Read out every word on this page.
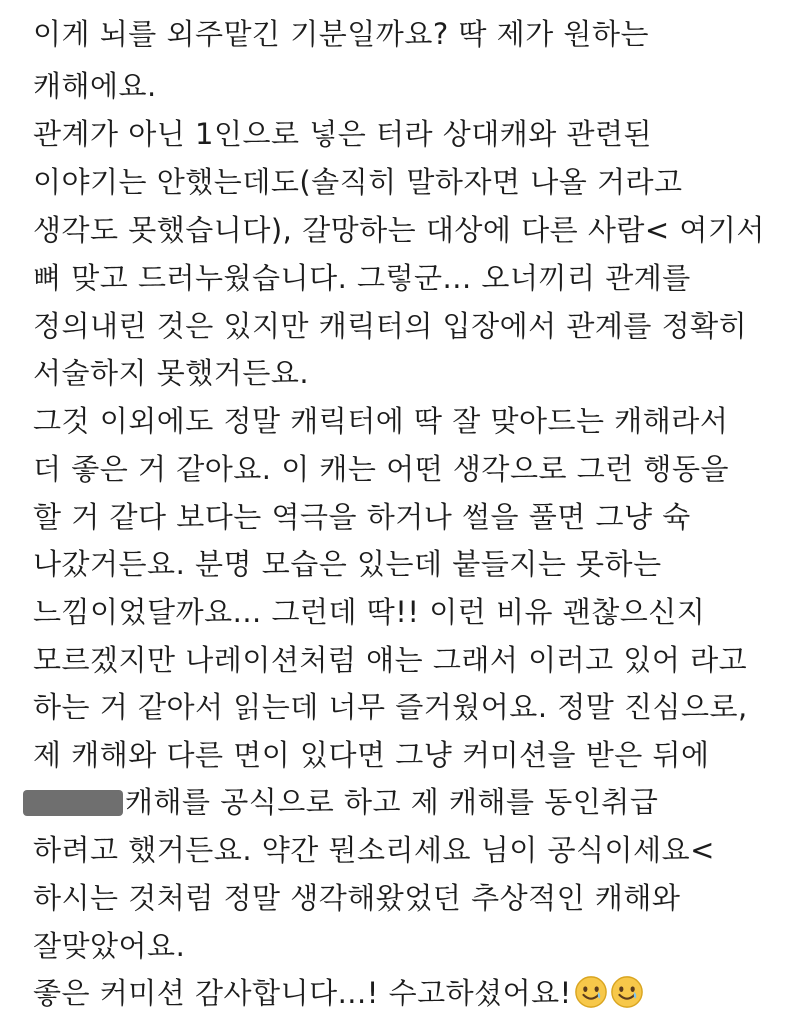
이게 뇌를 외주맡긴 기분일까요? 딱 제가 원하는
캐해에요.
관계가 아닌 1인으로 넣은 터라 상대캐와 관련된
이야기는 안했는데도(솔직히 말하자면 나올 거라고
생각도 못했습니다), 갈망하는 대상에 다른 사람< 여기서
뼈 맞고 드러누웠습니다. 그렇군... 오너끼리 관계를
정의내린 것은 있지만 캐릭터의 입장에서 관계를 정확히
서술하지 못했거든요.
그것 이외에도 정말 캐릭터에 딱 잘 맞아드는 캐해라서
더 좋은 거 같아요. 이 캐는 어떤 생각으로 그런 행동을
할 거 같다 보다는 역극을 하거나 썰을 풀면 그냥 슉
나갔거든요. 분명 모습은 있는데 붙들지는 못하는
느낌이었달까요... 그런데 딱!! 이런 비유 괜찮으신지
모르겠지만 나레이션처럼 얘는 그래서 이러고 있어 라고
하는 거 같아서 읽는데 너무 즐거웠어요. 정말 진심으로,
제 캐해와 다른 면이 있다면 그냥 커미션을 받은 뒤에
캐해를 공식으로 하고 제 캐해를 동인취급
하려고 했거든요. 약간 뭔소리세요 님이 공식이세요<
하시는 것처럼 정말 생각해왔었던 추상적인 캐해와
잘맞았어요.
좋은 커미션 감사합니다...! 수고하셨어요!
